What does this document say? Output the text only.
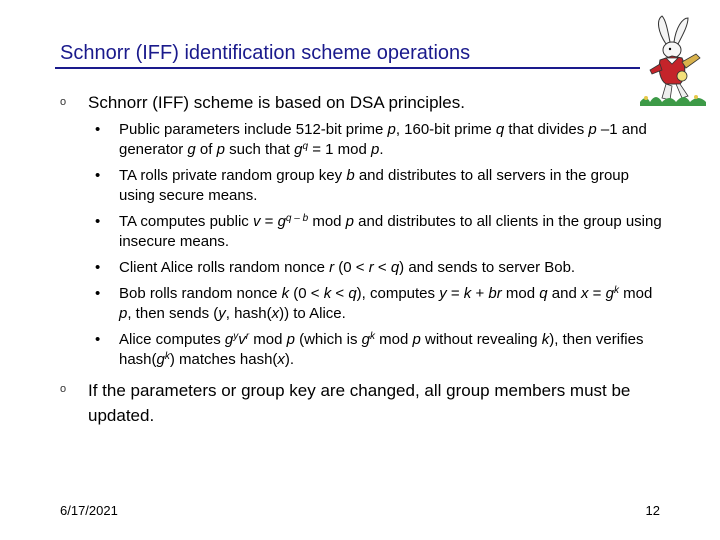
Schnorr (IFF) identification scheme operations
o Schnorr (IFF) scheme is based on DSA principles.
• Public parameters include 512-bit prime p, 160-bit prime q that divides p –1 and generator g of p such that $g^q = 1$ mod p.
• TA rolls private random group key b and distributes to all servers in the group using secure means.
• TA computes public $v = g^{q - b}$ mod p and distributes to all clients in the group using insecure means.
• Client Alice rolls random nonce r (0 < r < q) and sends to server Bob.
• Bob rolls random nonce k (0 < k < q), computes y = k + br mod q and $x = g^k$ mod p, then sends (y, hash(x)) to Alice.
• Alice computes $g^yv^r$ mod p (which is $g^k$ mod p without revealing k), then verifies $hash(g^k)$ matches hash(x).
o If the parameters or group key are changed, all group members must be updated.
6/17/2021	12
